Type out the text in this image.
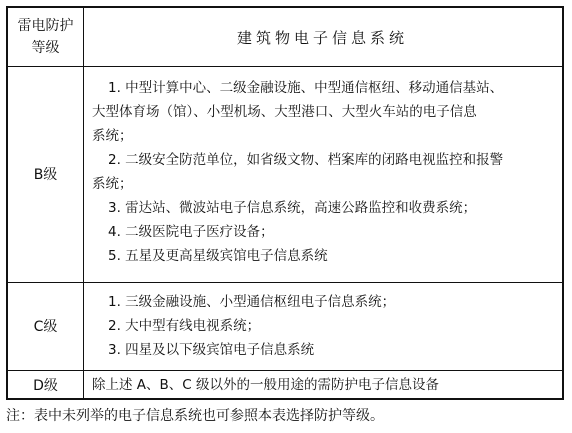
雷电防护
等级
建筑物电子信息系统
B级
1. 中型计算中心、二级金融设施、中型通信枢纽、移动通信基站、
大型体育场（馆）、小型机场、大型港口、大型火车站的电子信息
系统；
2. 二级安全防范单位，如省级文物、档案库的闭路电视监控和报警
系统；
3. 雷达站、微波站电子信息系统，高速公路监控和收费系统；
4. 二级医院电子医疗设备；
5. 五星及更高星级宾馆电子信息系统
C级
1. 三级金融设施、小型通信枢纽电子信息系统；
2. 大中型有线电视系统；
3. 四星及以下级宾馆电子信息系统
D级	除上述 A、B、C 级以外的一般用途的需防护电子信息设备
注：表中未列举的电子信息系统也可参照本表选择防护等级。
